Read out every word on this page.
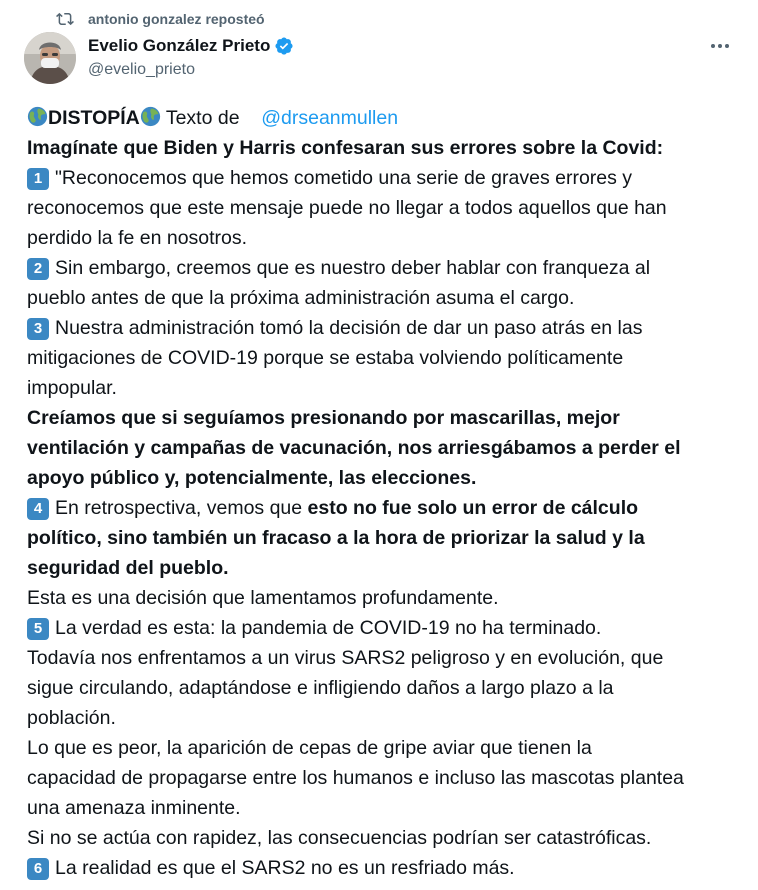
antonio gonzalez reposteó
Evelio González Prieto
@evelio_prieto
DISTOPÍA Texto de @drseanmullen
Imagínate que Biden y Harris confesaran sus errores sobre la Covid:
1 "Reconocemos que hemos cometido una serie de graves errores y
reconocemos que este mensaje puede no llegar a todos aquellos que han
perdido la fe en nosotros.
2 Sin embargo, creemos que es nuestro deber hablar con franqueza al
pueblo antes de que la próxima administración asuma el cargo.
3 Nuestra administración tomó la decisión de dar un paso atrás en las
mitigaciones de COVID-19 porque se estaba volviendo políticamente
impopular.
Creíamos que si seguíamos presionando por mascarillas, mejor
ventilación y campañas de vacunación, nos arriesgábamos a perder el
apoyo público y, potencialmente, las elecciones.
4 En retrospectiva, vemos que esto no fue solo un error de cálculo
político, sino también un fracaso a la hora de priorizar la salud y la
seguridad del pueblo.
Esta es una decisión que lamentamos profundamente.
5 La verdad es esta: la pandemia de COVID-19 no ha terminado.
Todavía nos enfrentamos a un virus SARS2 peligroso y en evolución, que
sigue circulando, adaptándose e infligiendo daños a largo plazo a la
población.
Lo que es peor, la aparición de cepas de gripe aviar que tienen la
capacidad de propagarse entre los humanos e incluso las mascotas plantea
una amenaza inminente.
Si no se actúa con rapidez, las consecuencias podrían ser catastróficas.
6 La realidad es que el SARS2 no es un resfriado más.
